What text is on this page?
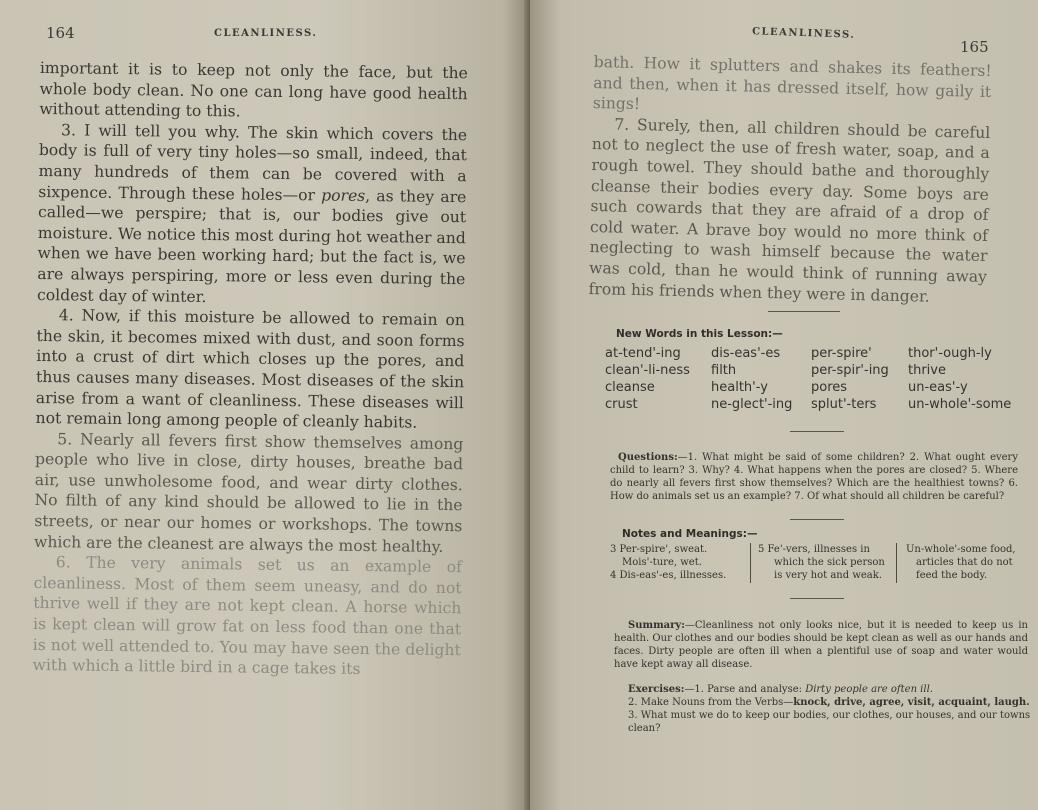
164	CLEANLINESS.

important it is to keep not only the face, but the whole body clean. No one can long have good health without attending to this.

3. I will tell you why. The skin which covers the body is full of very tiny holes—so small, indeed, that many hundreds of them can be covered with a sixpence. Through these holes—or pores, as they are called—we perspire; that is, our bodies give out moisture. We notice this most during hot weather and when we have been working hard; but the fact is, we are always perspiring, more or less even during the coldest day of winter.

4. Now, if this moisture be allowed to remain on the skin, it becomes mixed with dust, and soon forms into a crust of dirt which closes up the pores, and thus causes many diseases. Most diseases of the skin arise from a want of cleanliness. These diseases will not remain long among people of cleanly habits.

5. Nearly all fevers first show themselves among people who live in close, dirty houses, breathe bad air, use unwholesome food, and wear dirty clothes. No filth of any kind should be allowed to lie in the streets, or near our homes or workshops. The towns which are the cleanest are always the most healthy.

6. The very animals set us an example of cleanliness. Most of them seem uneasy, and do not thrive well if they are not kept clean. A horse which is kept clean will grow fat on less food than one that is not well attended to. You may have seen the delight with which a little bird in a cage takes its

CLEANLINESS.
165

bath. How it splutters and shakes its feathers! and then, when it has dressed itself, how gaily it sings!

7. Surely, then, all children should be careful not to neglect the use of fresh water, soap, and a rough towel. They should bathe and thoroughly cleanse their bodies every day. Some boys are such cowards that they are afraid of a drop of cold water. A brave boy would no more think of neglecting to wash himself because the water was cold, than he would think of running away from his friends when they were in danger.

New Words in this Lesson:—
at-tend'-ing
clean'-li-ness
cleanse
crust
dis-eas'-es
filth
health'-y
ne-glect'-ing
per-spire'
per-spir'-ing
pores
splut'-ters
thor'-ough-ly
thrive
un-eas'-y
un-whole'-some
Questions:—1. What might be said of some children? 2. What ought every child to learn? 3. Why? 4. What happens when the pores are closed? 5. Where do nearly all fevers first show themselves? Which are the healthiest towns? 6. How do animals set us an example? 7. Of what should all children be careful?
Notes and Meanings:—
3 Per-spire', sweat.
Mois'-ture, wet.
4 Dis-eas'-es, illnesses.
5 Fe'-vers, illnesses in
which the sick person
is very hot and weak.
Un-whole'-some food,
articles that do not
feed the body.
Summary:—Cleanliness not only looks nice, but it is needed to keep us in health. Our clothes and our bodies should be kept clean as well as our hands and faces. Dirty people are often ill when a plentiful use of soap and water would have kept away all disease.
Exercises:—1. Parse and analyse: Dirty people are often ill.
2. Make Nouns from the Verbs—knock, drive, agree, visit, acquaint, laugh.
3. What must we do to keep our bodies, our clothes, our houses, and our towns clean?
